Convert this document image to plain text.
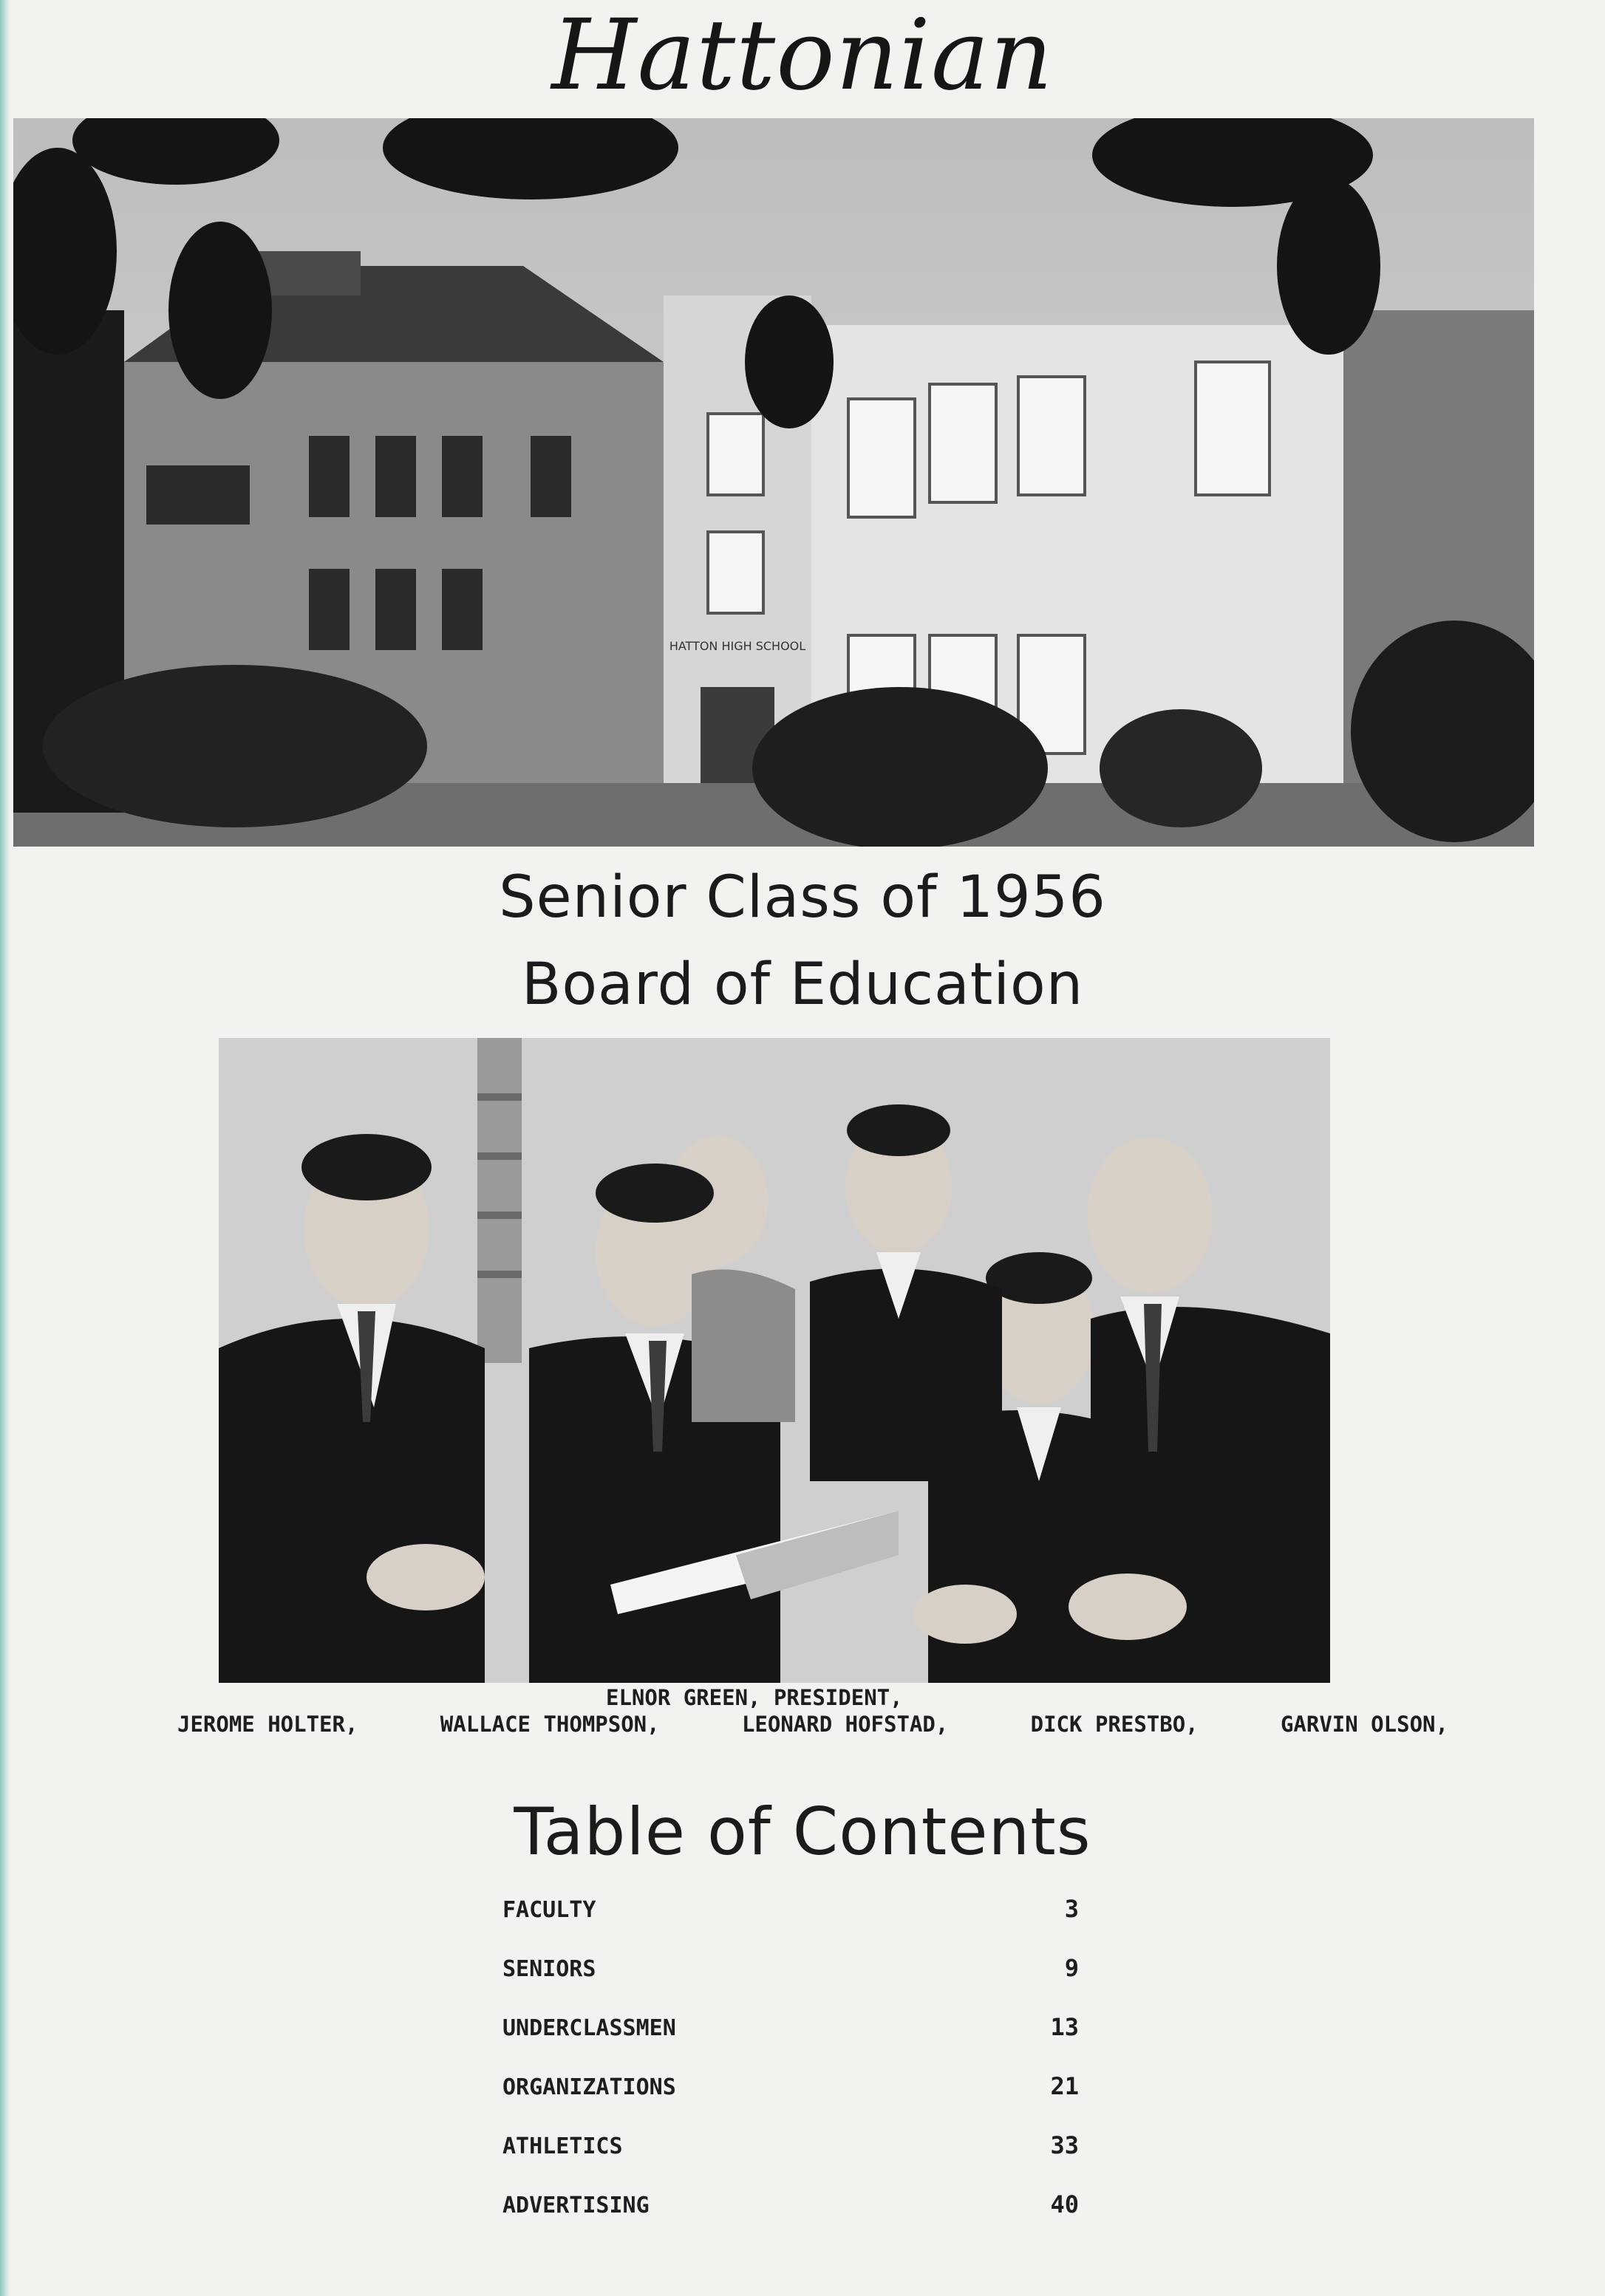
Hattonian
HATTON HIGH SCHOOL
Senior Class of 1956
Board of Education
ELNOR GREEN, PRESIDENT,
JEROME HOLTER,	WALLACE THOMPSON,	LEONARD HOFSTAD,	DICK PRESTBO,	GARVIN OLSON,
Table of Contents
FACULTY	3
SENIORS	9
UNDERCLASSMEN	13
ORGANIZATIONS	21
ATHLETICS	33
ADVERTISING	40
